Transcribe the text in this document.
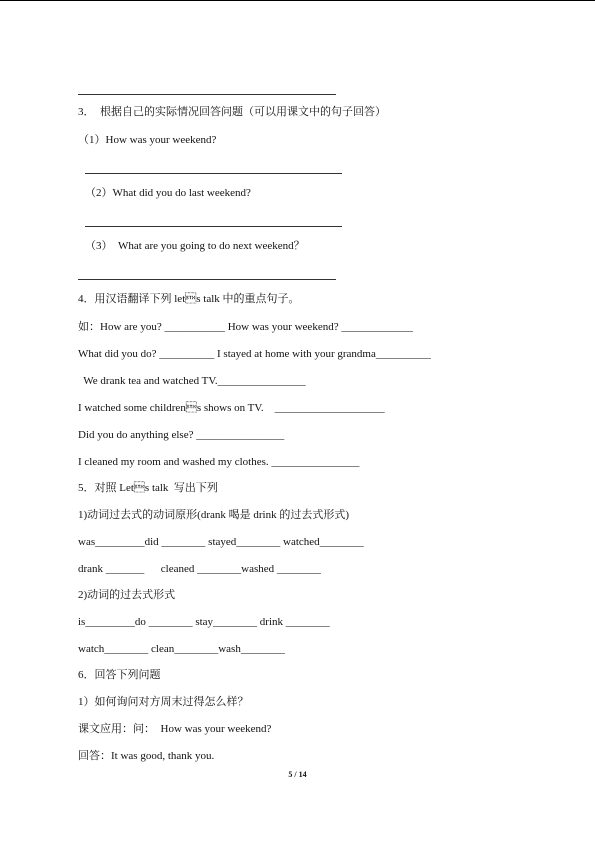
3．  根据自己的实际情况回答问题（可以用课文中的句子回答）
（1）How was your weekend?
（2）What did you do last weekend?
（3）  What are you going to do next weekend？
4．用汉语翻译下列 lets talk 中的重点句子。
如：How are you? ___________ How was your weekend? _____________
What did you do? __________ I stayed at home with your grandma__________
We drank tea and watched TV.________________
I watched some childrens shows on TV.    ____________________
Did you do anything else? ________________
I cleaned my room and washed my clothes. ________________
5．对照 Lets talk  写出下列
1)动词过去式的动词原形(drank 喝是 drink 的过去式形式)
was_________did ________ stayed________ watched________
drank _______      cleaned ________washed ________
2)动词的过去式形式
is_________do ________ stay________ drink ________
watch________ clean________wash________
6．回答下列问题
1）如何询问对方周末过得怎么样？
课文应用：问：  How was your weekend?
回答：It was good, thank you.
5 / 14
